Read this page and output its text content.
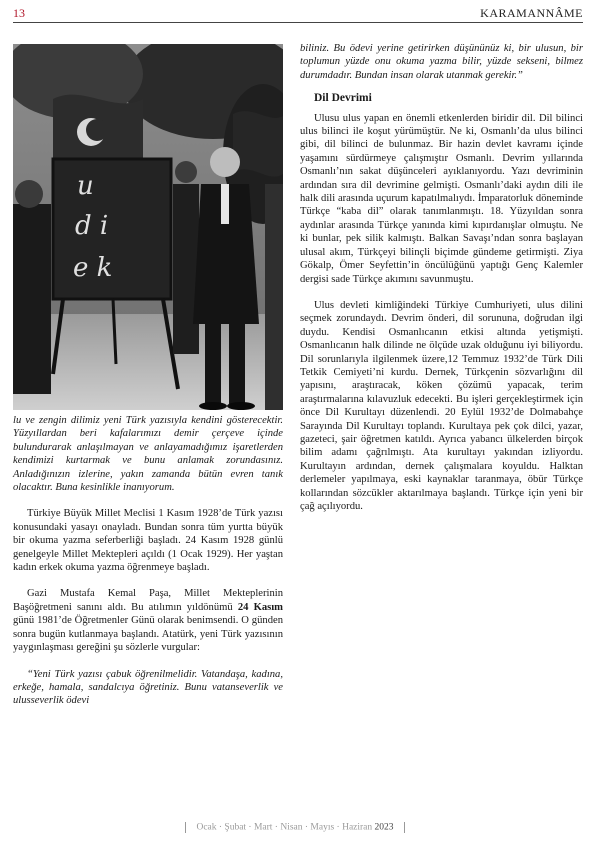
13	KARAMANNÂME
u
d i
e k

lu ve zengin dilimiz yeni Türk yazısıyla kendini gösterecektir. Yüzyıllardan beri kafalarımızı demir çerçeve içinde bulundurarak anlaşılmayan ve anlayamadığımız işaretlerden kendimizi kurtarmak ve bunu anlamak zorundasınız. Anladığınızın izlerine, yakın zamanda bütün evren tanık olacaktır. Buna kesinlikle inanıyorum.

Türkiye Büyük Millet Meclisi 1 Kasım 1928’de Türk yazısı konusundaki yasayı onayladı. Bundan sonra tüm yurtta büyük bir okuma yazma seferberliği başladı. 24 Kasım 1928 günlü genelgeyle Millet Mektepleri açıldı (1 Ocak 1929). Her yaştan kadın erkek okuma yazma öğrenmeye başladı.

Gazi Mustafa Kemal Paşa, Millet Mekteplerinin Başöğretmeni sanını aldı. Bu atılımın yıldönümü 24 Kasım günü 1981’de Öğretmenler Günü olarak benimsendi. O günden sonra bugün kutlanmaya başlandı. Atatürk, yeni Türk yazısının yaygınlaşması gereğini şu sözlerle vurgular:

“Yeni Türk yazısı çabuk öğrenilmelidir. Vatandaşa, kadına, erkeğe, hamala, sandalcıya öğretiniz. Bunu vatanseverlik ve ulusseverlik ödevi

biliniz. Bu ödevi yerine getirirken düşününüz ki, bir ulusun, bir toplumun yüzde onu okuma yazma bilir, yüzde sekseni, bilmez durumdadır. Bundan insan olarak utanmak gerekir.”

Dil Devrimi

Ulusu ulus yapan en önemli etkenlerden biridir dil. Dil bilinci ulus bilinci ile koşut yürümüştür. Ne ki, Osmanlı’da ulus bilinci gibi, dil bilinci de bulunmaz. Bir hazin devlet kavramı içinde yaşamını sürdürmeye çalışmıştır Osmanlı. Devrim yıllarında Osmanlı’nın sakat düşünceleri ayıklanıyordu. Yazı devriminin ardından sıra dil devrimine gelmişti. Osmanlı’daki aydın dili ile halk dili arasında uçurum kapatılmalıydı. İmparatorluk döneminde Türkçe “kaba dil” olarak tanımlanmıştı. 18. Yüzyıldan sonra aydınlar arasında Türkçe yanında kimi kıpırdanışlar olmuştu. Ne ki bunlar, pek silik kalmıştı. Balkan Savaşı’ndan sonra başlayan ulusal akım, Türkçeyi bilinçli biçimde gündeme getirmişti. Ziya Gökalp, Ömer Seyfettin’in öncülüğünü yaptığı Genç Kalemler dergisi sade Türkçe akımını savunmuştu.

Ulus devleti kimliğindeki Türkiye Cumhuriyeti, ulus dilini seçmek zorundaydı. Devrim önderi, dil sorununa, doğrudan ilgi duydu. Kendisi Osmanlıcanın etkisi altında yetişmişti. Osmanlıcanın halk dilinde ne ölçüde uzak olduğunu iyi biliyordu. Dil sorunlarıyla ilgilenmek üzere,12 Temmuz 1932’de Türk Dili Tetkik Cemiyeti’ni kurdu. Dernek, Türkçenin sözvarlığını dil yapısını, araştıracak, köken çözümü yapacak, terim araştırmalarına kılavuzluk edecekti. Bu işleri gerçekleştirmek için önce Dil Kurultayı düzenlendi. 20 Eylül 1932’de Dolmabahçe Sarayında Dil Kurultayı toplandı. Kurultaya pek çok dilci, yazar, gazeteci, şair öğretmen katıldı. Ayrıca yabancı ülkelerden birçok bilim adamı çağrılmıştı. Ata kurultayı yakından izliyordu. Kurultayın ardından, dernek çalışmalara koyuldu. Halktan derlemeler yapılmaya, eski kaynaklar taranmaya, öbür Türkçe kollarından sözcükler aktarılmaya başlandı. Türkçe için yeni bir çağ açılıyordu.

Ocak · Şubat · Mart · Nisan · Mayıs · Haziran 2023
